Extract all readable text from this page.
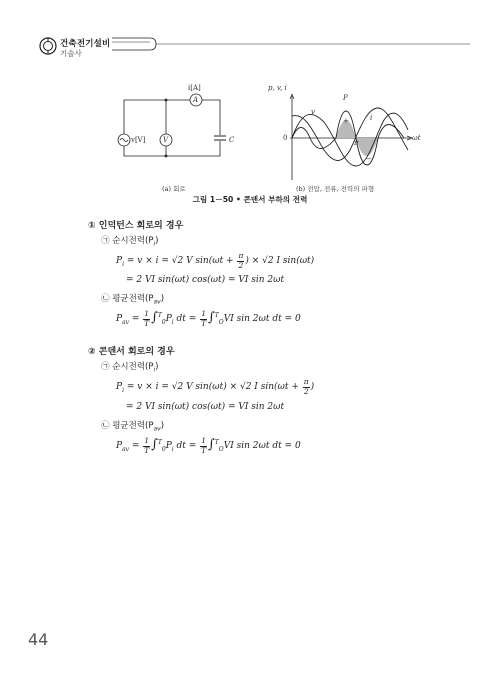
건축전기설비
기술사
A
i[A]
V
v[V]	C
(a) 회로
p, v, i
ωt
0
π
P
v
i
+
−
(b) 전압, 전류, 전력의 파형
그림 1－50 • 콘덴서 부하의 전력
① 인덕턴스 회로의 경우
㉠ 순시전력$(P_i)$
$P_i = v \times i = √2$ V $\sin(\omega t + \frac{\pi}{2}$ ) × √2 I sin(ωt)
= 2 VI sin(ωt) cos(ωt) = VI sin 2ωt
㉡ 평균전력$(P_{av})$
$P_{av} = \frac{1}{T} \int^T_0P_i$ dt = $\frac{1}{T} \int^T_OVI$ sin 2ωt dt = 0
② 콘덴서 회로의 경우
㉠ 순시전력$(P_i)$
$P_i = v \times i = √2$ V sin(ωt) × √2 I $\sin(\omega t + \frac{\pi}{2}$ )
= 2 VI sin(ωt) cos(ωt) = VI sin 2ωt
㉡ 평균전력$(P_{av})$
$P_{av} = \frac{1}{T} \int^T_0P_i$ dt = $\frac{1}{T} \int^T_OVI$ sin 2ωt dt = 0
44
